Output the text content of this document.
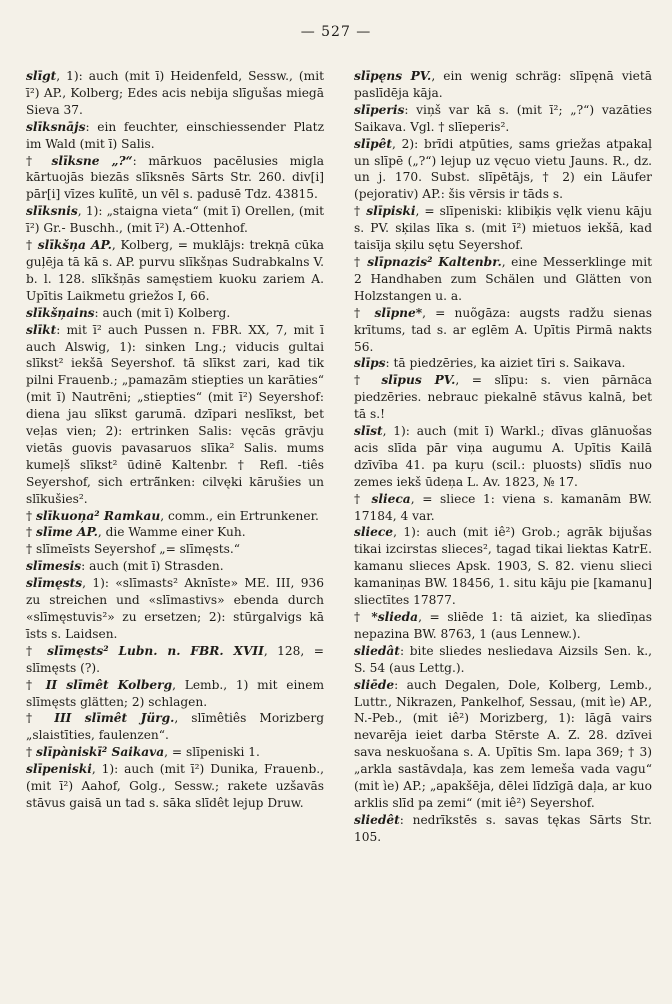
— 527 —

slīgt, 1): auch (mit ī) Heidenfeld, Sessw., (mit ī²) AP., Kolberg; Edes acis nebija slīgušas miegā Sieva 37.

slīksnājs: ein feuchter, einschiessender Platz im Wald (mit ī) Salis.

† slīksne „?“: mārkuos pacēlusies migla kārtuojās biezās slīksnēs Sārts Str. 260. div[i] pār[i] vīzes kulītē, un vēl s. padusē Tdz. 43815.

slīksnis, 1): „staigna vieta“ (mit ī) Orellen, (mit ī²) Gr.- Buschh., (mit ī²) A.-Ottenhof.

† slīkšņa AP., Kolberg, = muklājs: trekņā cūka guļēja tā kā s. AP. purvu slīkšņas Sudrabkalns V. b. l. 128. slīkšņās samęstiem kuoku zariem A. Upītis Laikmetu griežos I, 66.

slīkšņains: auch (mit ī) Kolberg.

slīkt: mit ī² auch Pussen n. FBR. XX, 7, mit ī auch Alswig, 1): sinken Lng.; viducis gultai slīkst² iekšā Seyershof. tā slīkst zari, kad tik pilni Frauenb.; „pamazām stiepties un karāties“ (mit ī) Nautrēni; „stiepties“ (mit ī²) Seyershof: diena jau slīkst garumā. dzīpari neslīkst, bet veļas vien; 2): ertrinken Salis: vęcās grāvju vietās guovis pavasaruos slīka² Salis. mums kumeļš slīkst² ūdinē Kaltenbr. † Refl. -tiês Seyershof, sich erträ̈nken: cilvęki kārušies un slīkušies².

† slīkuoņa² Ramkau, comm., ein Ertrunkener.

† slīme AP., die Wamme einer Kuh.

† slīmeīsts Seyershof „= slīmęsts.“

slīmesis: auch (mit ī) Strasden.

slīmęsts, 1): «slīmasts² Aknīste» ME. III, 936 zu streichen und «slīmastivs» ebenda durch «slīmęstuvis²» zu ersetzen; 2): stūrgalvigs kā īsts s. Laidsen.

† slīmęsts² Lubn. n. FBR. XVII, 128, = slīmęsts (?).

† II slīmêt Kolberg, Lemb., 1) mit einem slīmęsts glätten; 2) schlagen.

† III slīmêt Jürg., slīmêtiês Morizberg „slaistīties, faulenzen“.

† slīpàniskī² Saikava, = slīpeniski 1.

slīpeniski, 1): auch (mit ī²) Dunika, Frauenb., (mit ī²) Aahof, Golg., Sessw.; rakete uzšavās stāvus gaisā un tad s. sāka slīdêt lejup Druw.

slīpęns PV., ein wenig schräg: slīpęnā vietā paslīdēja kāja.

slīperis: viņš var kā s. (mit ī²; „?“) vazāties Saikava. Vgl. † slīeperis².

slīpêt, 2): brīdi atpūties, sams griežas atpakaļ un slīpē („?“) lejup uz vęcuo vietu Jauns. R., dz. un j. 170. Subst. slīpētājs, † 2) ein Läufer (pejorativ) AP.: šis vērsis ir tāds s.

† slīpiski, = slīpeniski: klibiķis vęlk vienu kāju s. PV. sķilas līka s. (mit ī²) mietuos iekšā, kad taisīja sķilu sętu Seyershof.

† slīpnazis² Kaltenbr., eine Messerklinge mit 2 Handhaben zum Schälen und Glätten von Holzstangen u. a.

† slīpne*, = nuõgāza: augsts radžu sienas krītums, tad s. ar eglēm A. Upītis Pirmā nakts 56.

slīps: tā piedzēries, ka aiziet tīri s. Saikava.

† slīpus PV., = slīpu: s. vien pārnāca piedzēries. nebrauc piekalnē stāvus kalnā, bet tā s.!

slīst, 1): auch (mit ī) Warkl.; dīvas glānuošas acis slīda pār viņa augumu A. Upītis Kailā dzīvība 41. pa kuŗu (scil.: pluosts) slīdīs nuo zemes iekš ūdeņa L. Av. 1823, № 17.

† slieca, = sliece 1: viena s. kamanām BW. 17184, 4 var.

sliece, 1): auch (mit iê²) Grob.; agrāk bijušas tikai izcirstas slieces², tagad tikai liektas KatrE. kamanu slieces Apsk. 1903, S. 82. vienu slieci kamaniņas BW. 18456, 1. situ kāju pie [kamanu] sliectītes 17877.

† *slieda, = sliēde 1: tā aiziet, ka sliedīņas nepazina BW. 8763, 1 (aus Lennew.).

sliedât: bite sliedes nesliedava Aizsils Sen. k., S. 54 (aus Lettg.).

sliēde: auch Degalen, Dole, Kolberg, Lemb., Luttr., Nikrazen, Pankelhof, Sessau, (mit ìe) AP., N.-Peb., (mit iê²) Morizberg, 1): lāgā vairs nevarēja ieiet darba Stērste A. Z. 28. dzīvei sava neskuošana s. A. Upītis Sm. lapa 369; † 3) „arkla sastāvdaļa, kas zem lemeša vada vagu“ (mit ìe) AP.; „apakšēja, dēlei līdzīgā daļa, ar kuo arklis slīd pa zemi“ (mit iê²) Seyershof.

sliedêt: nedrīkstēs s. savas tękas Sārts Str. 105.
